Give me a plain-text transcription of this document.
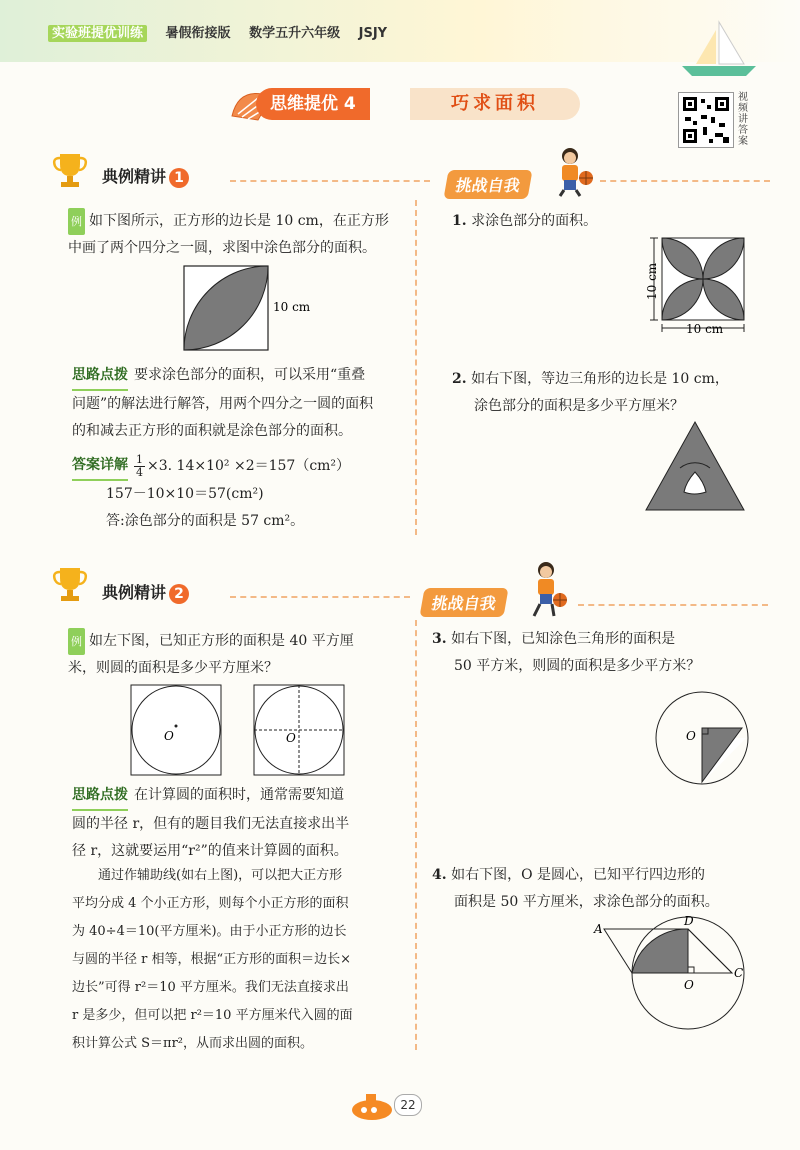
实验班提优训练 暑假衔接版 数学五升六年级 JSJY
思维提优 4	巧求面积	视频讲答案
典例精讲 1	挑战自我
例 如下图所示，正方形的边长是 10 cm，在正方形
中画了两个四分之一圆，求图中涂色部分的面积。
10 cm
思路点拨 要求涂色部分的面积，可以采用“重叠
问题”的解法进行解答，用两个四分之一圆的面积
的和减去正方形的面积就是涂色部分的面积。
答案详解 $\frac{1}{4} \times 3$. 14×10² ×2＝157（cm²）
157－10×10＝57(cm²)
答:涂色部分的面积是 57 cm²。
1. 求涂色部分的面积。
10 cm
10 cm
2. 如右下图，等边三角形的边长是 10 cm，
涂色部分的面积是多少平方厘米？
典例精讲 2	挑战自我
例 如左下图，已知正方形的面积是 40 平方厘
米，则圆的面积是多少平方厘米？
O	O
思路点拨 在计算圆的面积时，通常需要知道
圆的半径 r，但有的题目我们无法直接求出半
径 r，这就要运用“r²”的值来计算圆的面积。
通过作辅助线(如右上图)，可以把大正方形
平均分成 4 个小正方形，则每个小正方形的面积
为 40÷4＝10(平方厘米)。由于小正方形的边长
与圆的半径 r 相等，根据“正方形的面积＝边长×
边长”可得 r²＝10 平方厘米。我们无法直接求出
r 是多少，但可以把 r²＝10 平方厘米代入圆的面
积计算公式 S＝πr²，从而求出圆的面积。
3. 如右下图，已知涂色三角形的面积是
50 平方米，则圆的面积是多少平方米？
O
4. 如右下图，O 是圆心，已知平行四边形的
面积是 50 平方厘米，求涂色部分的面积。
A
D
C
O
22
